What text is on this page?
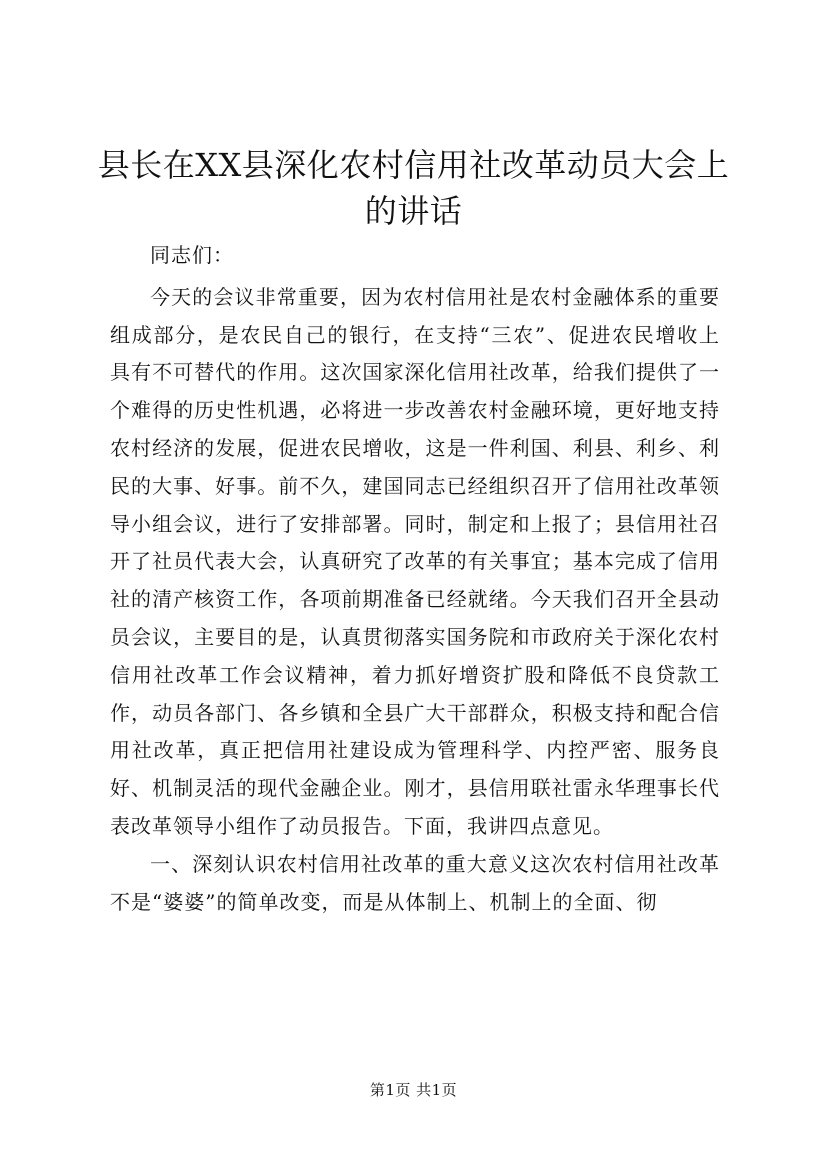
县长在XX县深化农村信用社改革动员大会上
的讲话

同志们：

今天的会议非常重要，因为农村信用社是农村金融体系的重要组成部分，是农民自己的银行，在支持“三农”、促进农民增收上具有不可替代的作用。这次国家深化信用社改革，给我们提供了一个难得的历史性机遇，必将进一步改善农村金融环境，更好地支持农村经济的发展，促进农民增收，这是一件利国、利县、利乡、利民的大事、好事。前不久，建国同志已经组织召开了信用社改革领导小组会议，进行了安排部署。同时，制定和上报了；县信用社召开了社员代表大会，认真研究了改革的有关事宜；基本完成了信用社的清产核资工作，各项前期准备已经就绪。今天我们召开全县动员会议，主要目的是，认真贯彻落实国务院和市政府关于深化农村信用社改革工作会议精神，着力抓好增资扩股和降低不良贷款工作，动员各部门、各乡镇和全县广大干部群众，积极支持和配合信用社改革，真正把信用社建设成为管理科学、内控严密、服务良好、机制灵活的现代金融企业。刚才，县信用联社雷永华理事长代表改革领导小组作了动员报告。下面，我讲四点意见。

一、深刻认识农村信用社改革的重大意义这次农村信用社改革不是“婆婆”的简单改变，而是从体制上、机制上的全面、彻

第1页 共1页
